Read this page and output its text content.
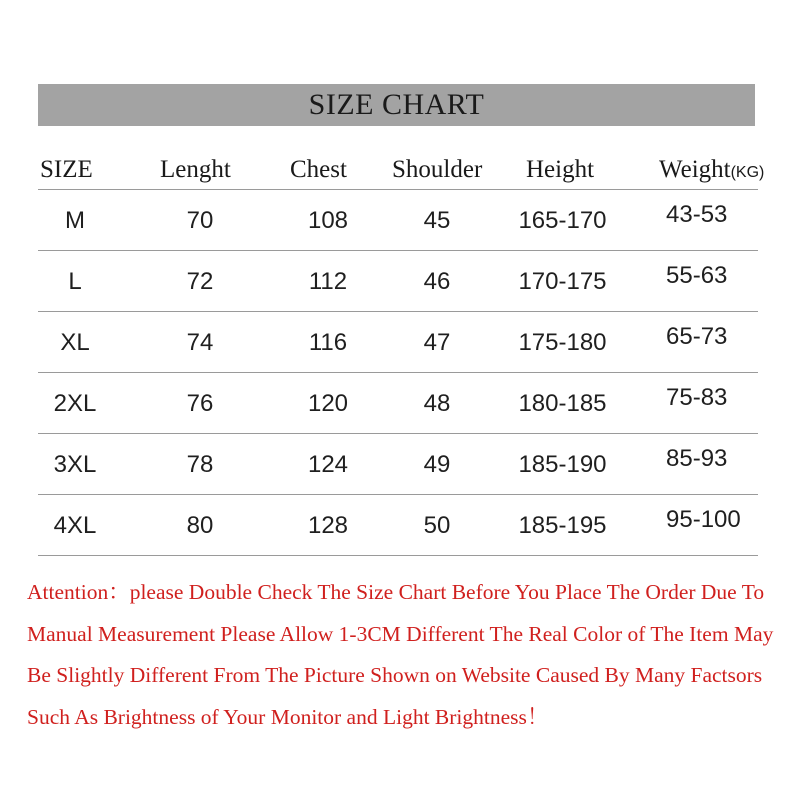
SIZE CHART
SIZE	Lenght Chest Shoulder Height	Weight(KG)
M	70	108	45	165-170	43-53
L	72	112	46	170-175	55-63
XL	74	116	47	175-180	65-73
2XL	76	120	48	180-185	75-83
3XL	78	124	49	185-190	85-93
4XL	80	128	50	185-195	95-100
Attention：please Double Check The Size Chart Before You Place The Order Due To Manual Measurement Please Allow 1-3CM Different The Real Color of The Item May Be Slightly Different From The Picture Shown on Website Caused By Many Factsors Such As Brightness of Your Monitor and Light Brightness！
